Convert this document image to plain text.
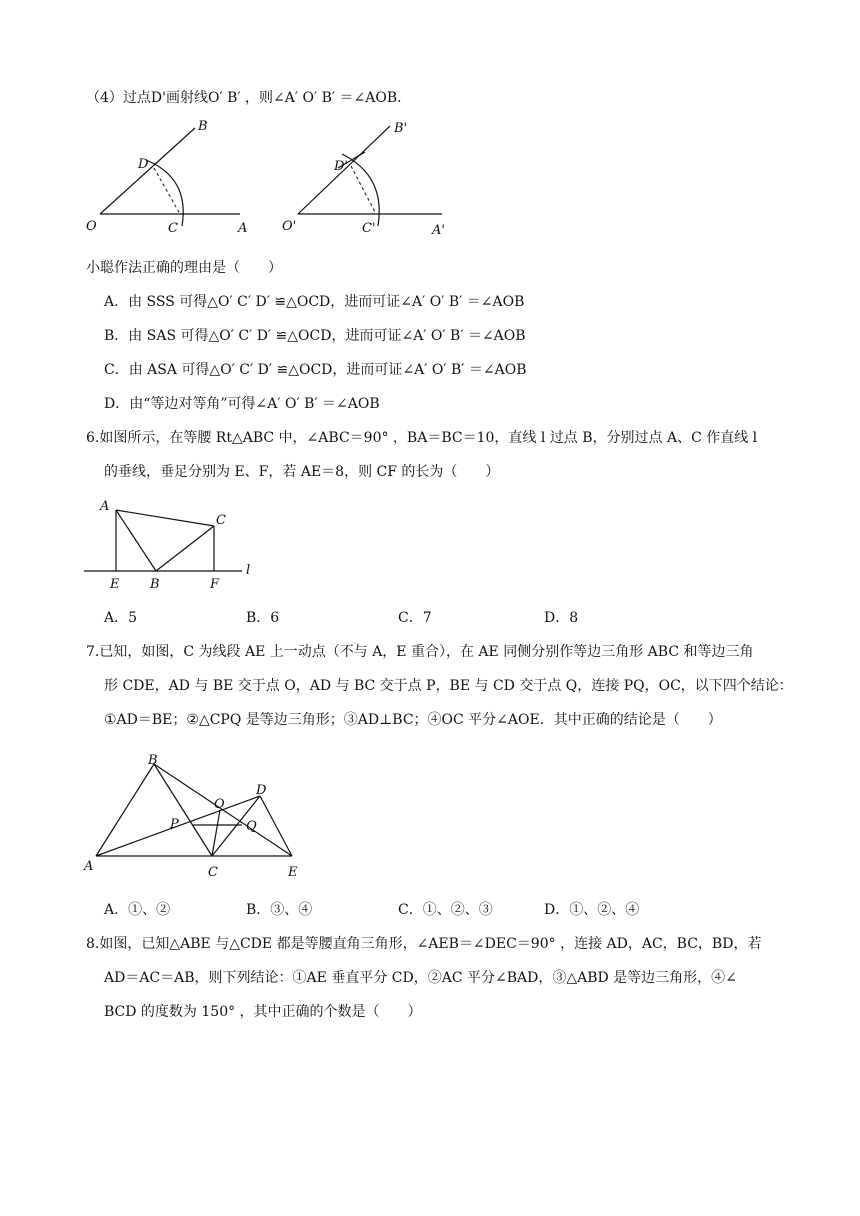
（4）过点D'画射线O′ B′ ，则∠A′ O′ B′ ＝∠AOB．
O	C	A
D
B
O'	C'	A'
D'
B'
小聪作法正确的理由是（　　）
A．由 SSS 可得△O′ C′ D′ ≌△OCD，进而可证∠A′ O′ B′ ＝∠AOB
B．由 SAS 可得△O′ C′ D′ ≌△OCD，进而可证∠A′ O′ B′ ＝∠AOB
C．由 ASA 可得△O′ C′ D′ ≌△OCD，进而可证∠A′ O′ B′ ＝∠AOB
D．由“等边对等角”可得∠A′ O′ B′ ＝∠AOB
6.如图所示，在等腰 Rt△ABC 中，∠ABC＝90° ，BA＝BC＝10，直线 l 过点 B，分别过点 A、C 作直线 l
的垂线，垂足分别为 E、F，若 AE＝8，则 CF 的长为（　　）
A
C
E B	F
l
A．5	B．6	C．7	D．8
7.已知，如图，C 为线段 AE 上一动点（不与 A，E 重合），在 AE 同侧分别作等边三角形 ABC 和等边三角
形 CDE，AD 与 BE 交于点 O，AD 与 BC 交于点 P，BE 与 CD 交于点 Q，连接 PQ，OC，以下四个结论：
①AD＝BE；②△CPQ 是等边三角形；③AD⊥BC；④OC 平分∠AOE．其中正确的结论是（　　）
B
O
D
P	Q
A	C	E
A．①、②	B．③、④	C．①、②、③	D．①、②、④
8.如图，已知△ABE 与△CDE 都是等腰直角三角形，∠AEB＝∠DEC＝90° ，连接 AD，AC，BC，BD，若
AD＝AC＝AB，则下列结论：①AE 垂直平分 CD，②AC 平分∠BAD，③△ABD 是等边三角形，④∠
BCD 的度数为 150° ，其中正确的个数是（　　）
